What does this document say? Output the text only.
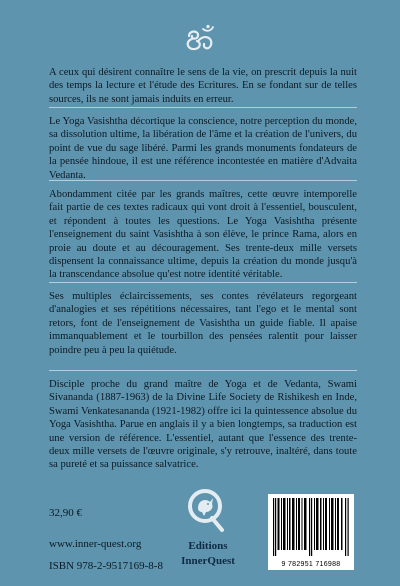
A ceux qui désirent connaître le sens de la vie, on prescrit depuis la nuit des temps la lecture et l'étude des Ecritures. En se fondant sur de telles sources, ils ne sont jamais induits en erreur.

Le Yoga Vasishtha décortique la conscience, notre perception du monde, sa dissolution ultime, la libération de l'âme et la création de l'univers, du point de vue du sage libéré. Parmi les grands monuments fondateurs de la pensée hindoue, il est une référence incontestée en matière d'Advaita Vedanta.

Abondamment citée par les grands maîtres, cette œuvre intemporelle fait partie de ces textes radicaux qui vont droit à l'essentiel, bousculent, et répondent à toutes les questions. Le Yoga Vasishtha présente l'enseignement du saint Vasishtha à son élève, le prince Rama, alors en proie au doute et au découragement. Ses trente-deux mille versets dispensent la connaissance ultime, depuis la création du monde jusqu'à la transcendance absolue qu'est notre identité véritable.

Ses multiples éclaircissements, ses contes révélateurs regorgeant d'analogies et ses répétitions nécessaires, tant l'ego et le mental sont retors, font de l'enseignement de Vasishtha un guide fiable. Il apaise immanquablement et le tourbillon des pensées ralentit pour laisser poindre peu à peu la quiétude.

Disciple proche du grand maître de Yoga et de Vedanta, Swami Sivananda (1887-1963) de la Divine Life Society de Rishikesh en Inde, Swami Venkatesananda (1921-1982) offre ici la quintessence absolue du Yoga Vasishtha. Parue en anglais il y a bien longtemps, sa traduction est une version de référence. L'essentiel, autant que l'essence des trente-deux mille versets de l'œuvre originale, s'y retrouve, inaltéré, dans toute sa pureté et sa puissance salvatrice.

32,90 €
www.inner-quest.org
ISBN 978-2-9517169-8-8
Editions
InnerQuest	9 782951 716988
